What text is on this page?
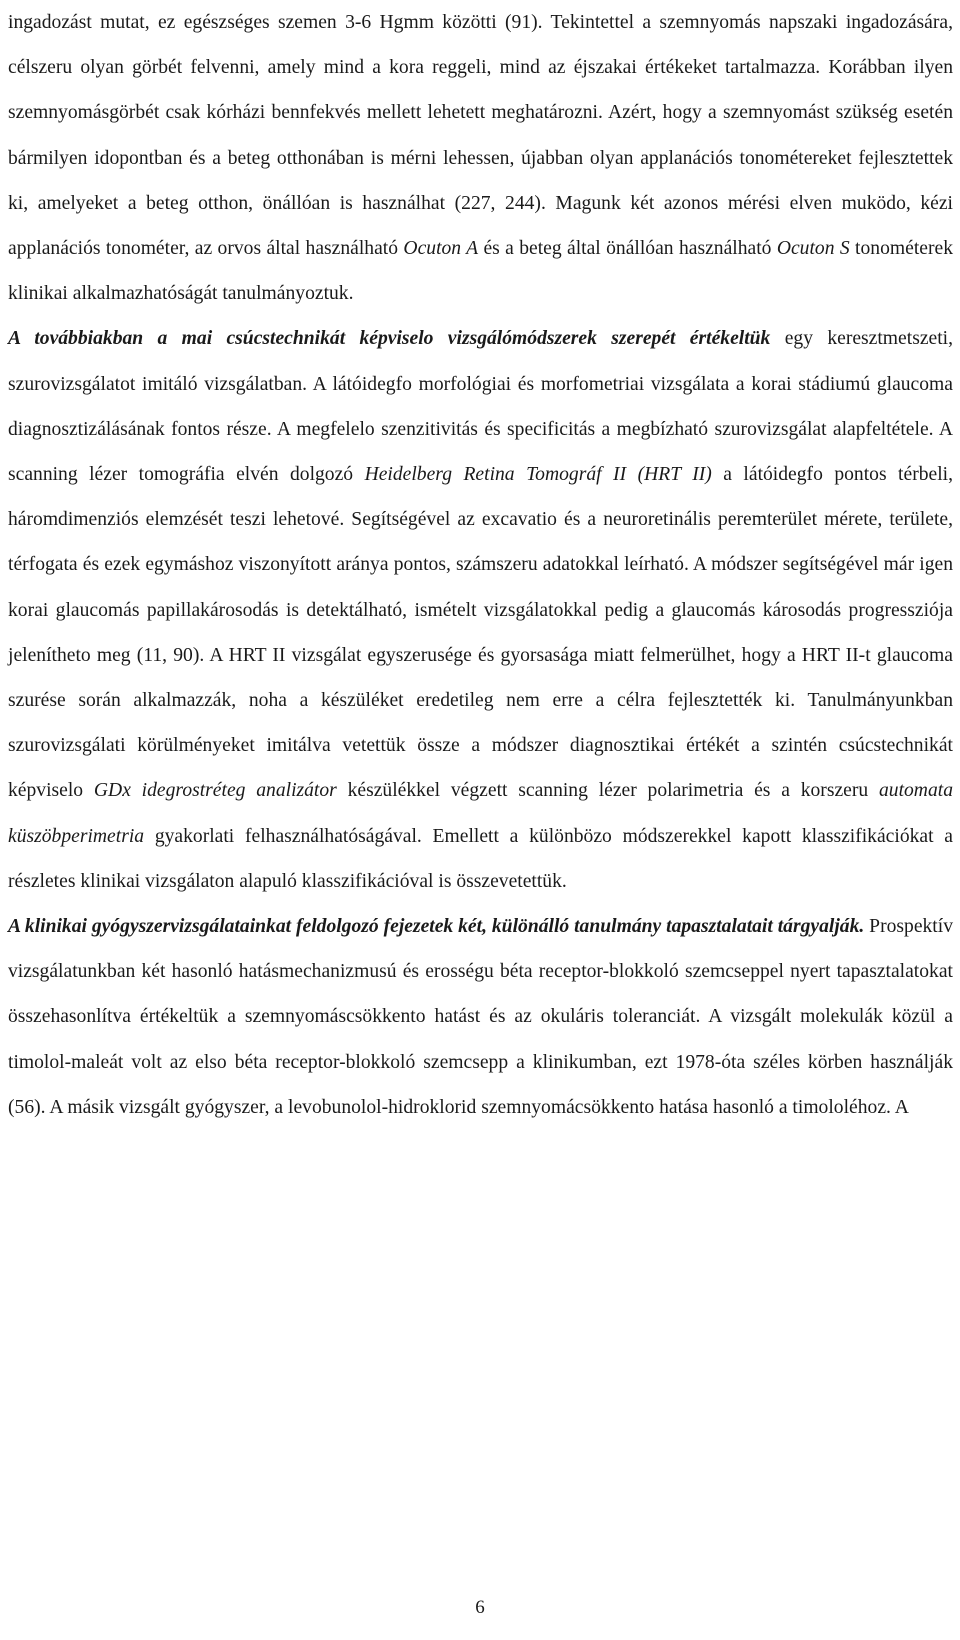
ingadozást mutat, ez egészséges szemen 3-6 Hgmm közötti (91). Tekintettel a szemnyomás napszaki ingadozására, célszeru olyan görbét felvenni, amely mind a kora reggeli, mind az éjszakai értékeket tartalmazza. Korábban ilyen szemnyomásgörbét csak kórházi bennfekvés mellett lehetett meghatározni. Azért, hogy a szemnyomást szükség esetén bármilyen idopontban és a beteg otthonában is mérni lehessen, újabban olyan applanációs tonométereket fejlesztettek ki, amelyeket a beteg otthon, önállóan is használhat (227, 244). Magunk két azonos mérési elven muködo, kézi applanációs tonométer, az orvos által használható Ocuton A és a beteg által önállóan használható Ocuton S tonométerek klinikai alkalmazhatóságát tanulmányoztuk.

A továbbiakban a mai csúcstechnikát képviselo vizsgálómódszerek szerepét értékeltük egy keresztmetszeti, szurovizsgálatot imitáló vizsgálatban. A látóidegfo morfológiai és morfometriai vizsgálata a korai stádiumú glaucoma diagnosztizálásának fontos része. A megfelelo szenzitivitás és specificitás a megbízható szurovizsgálat alapfeltétele. A scanning lézer tomográfia elvén dolgozó Heidelberg Retina Tomográf II (HRT II) a látóidegfo pontos térbeli, háromdimenziós elemzését teszi lehetové. Segítségével az excavatio és a neuroretinális peremterület mérete, területe, térfogata és ezek egymáshoz viszonyított aránya pontos, számszeru adatokkal leírható. A módszer segítségével már igen korai glaucomás papillakárosodás is detektálható, ismételt vizsgálatokkal pedig a glaucomás károsodás progressziója jelenítheto meg (11, 90). A HRT II vizsgálat egyszerusége és gyorsasága miatt felmerülhet, hogy a HRT II-t glaucoma szurése során alkalmazzák, noha a készüléket eredetileg nem erre a célra fejlesztették ki. Tanulmányunkban szurovizsgálati körülményeket imitálva vetettük össze a módszer diagnosztikai értékét a szintén csúcstechnikát képviselo GDx idegrostréteg analizátor készülékkel végzett scanning lézer polarimetria és a korszeru automata küszöbperimetria gyakorlati felhasználhatóságával. Emellett a különbözo módszerekkel kapott klasszifikációkat a részletes klinikai vizsgálaton alapuló klasszifikációval is összevetettük.

A klinikai gyógyszervizsgálatainkat feldolgozó fejezetek két, különálló tanulmány tapasztalatait tárgyalják. Prospektív vizsgálatunkban két hasonló hatásmechanizmusú és erosségu béta receptor-blokkoló szemcseppel nyert tapasztalatokat összehasonlítva értékeltük a szemnyomáscsökkento hatást és az okuláris toleranciát. A vizsgált molekulák közül a timolol-maleát volt az elso béta receptor-blokkoló szemcsepp a klinikumban, ezt 1978-óta széles körben használják (56). A másik vizsgált gyógyszer, a levobunolol-hidroklorid szemnyomácsökkento hatása hasonló a timololéhoz. A

6
